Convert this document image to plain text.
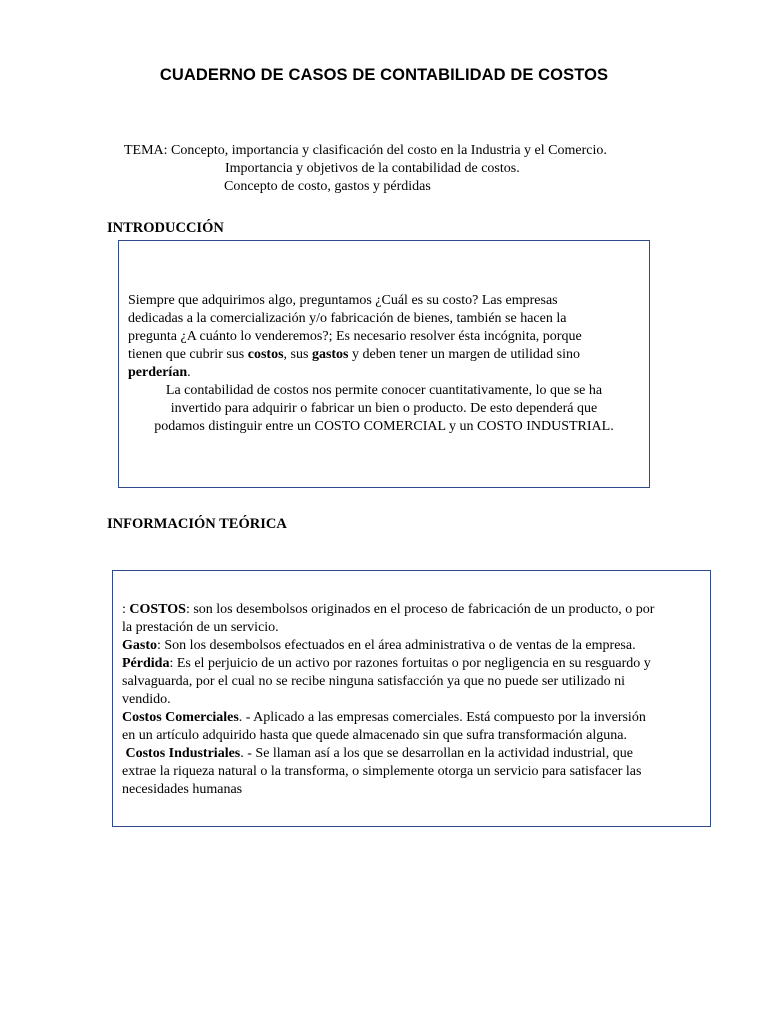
CUADERNO DE CASOS DE CONTABILIDAD DE COSTOS
TEMA: Concepto, importancia y clasificación del costo en la Industria y el Comercio.
Importancia y objetivos de la contabilidad de costos.
Concepto de costo, gastos y pérdidas
INTRODUCCIÓN
Siempre que adquirimos algo, preguntamos ¿Cuál es su costo? Las empresas
dedicadas a la comercialización y/o fabricación de bienes, también se hacen la
pregunta ¿A cuánto lo venderemos?; Es necesario resolver ésta incógnita, porque
tienen que cubrir sus costos, sus gastos y deben tener un margen de utilidad sino
perderían.
La contabilidad de costos nos permite conocer cuantitativamente, lo que se ha
invertido para adquirir o fabricar un bien o producto. De esto dependerá que
podamos distinguir entre un COSTO COMERCIAL y un COSTO INDUSTRIAL.
INFORMACIÓN TEÓRICA
: COSTOS: son los desembolsos originados en el proceso de fabricación de un producto, o por
la prestación de un servicio.
Gasto: Son los desembolsos efectuados en el área administrativa o de ventas de la empresa.
Pérdida: Es el perjuicio de un activo por razones fortuitas o por negligencia en su resguardo y
salvaguarda, por el cual no se recibe ninguna satisfacción ya que no puede ser utilizado ni
vendido.
Costos Comerciales. - Aplicado a las empresas comerciales. Está compuesto por la inversión
en un artículo adquirido hasta que quede almacenado sin que sufra transformación alguna.
Costos Industriales. - Se llaman así a los que se desarrollan en la actividad industrial, que
extrae la riqueza natural o la transforma, o simplemente otorga un servicio para satisfacer las
necesidades humanas
